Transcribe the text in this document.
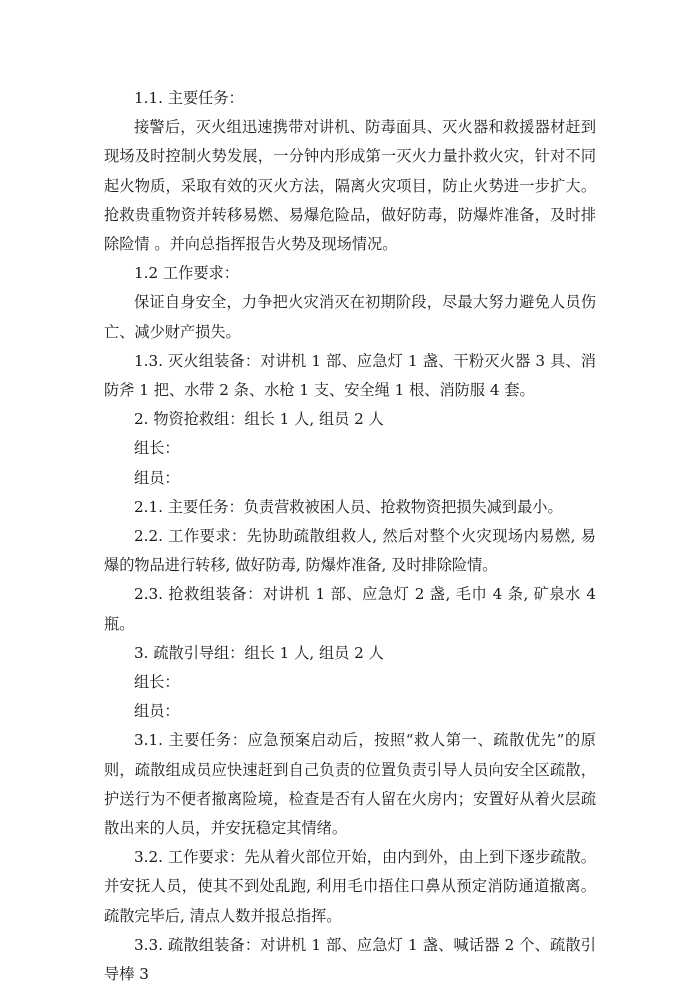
1.1. 主要任务：

接警后，灭火组迅速携带对讲机、防毒面具、灭火器和救援器材赶到现场及时控制火势发展，一分钟内形成第一灭火力量扑救火灾，针对不同起火物质，采取有效的灭火方法，隔离火灾项目，防止火势进一步扩大。抢救贵重物资并转移易燃、易爆危险品，做好防毒，防爆炸准备，及时排除险情 。并向总指挥报告火势及现场情况。

1.2 工作要求：

保证自身安全，力争把火灾消灭在初期阶段，尽最大努力避免人员伤亡、减少财产损失。

1.3. 灭火组装备：对讲机 1 部、应急灯 1 盏、干粉灭火器 3 具、消防斧 1 把、水带 2 条、水枪 1 支、安全绳 1 根、消防服 4 套。

2. 物资抢救组：组长 1 人, 组员 2 人

组长：

组员：

2.1. 主要任务：负责营救被困人员、抢救物资把损失减到最小。

2.2. 工作要求：先协助疏散组救人, 然后对整个火灾现场内易燃, 易爆的物品进行转移, 做好防毒, 防爆炸准备, 及时排除险情。

2.3. 抢救组装备：对讲机 1 部、应急灯 2 盏, 毛巾 4 条, 矿泉水 4 瓶。

3. 疏散引导组：组长 1 人, 组员 2 人

组长：

组员：

3.1. 主要任务：应急预案启动后，按照“救人第一、疏散优先”的原则，疏散组成员应快速赶到自己负责的位置负责引导人员向安全区疏散，护送行为不便者撤离险境，检查是否有人留在火房内；安置好从着火层疏散出来的人员，并安抚稳定其情绪。

3.2. 工作要求：先从着火部位开始，由内到外，由上到下逐步疏散。并安抚人员，使其不到处乱跑, 利用毛巾捂住口鼻从预定消防通道撤离。疏散完毕后, 清点人数并报总指挥。

3.3. 疏散组装备：对讲机 1 部、应急灯 1 盏、喊话器 2 个、疏散引导棒 3
